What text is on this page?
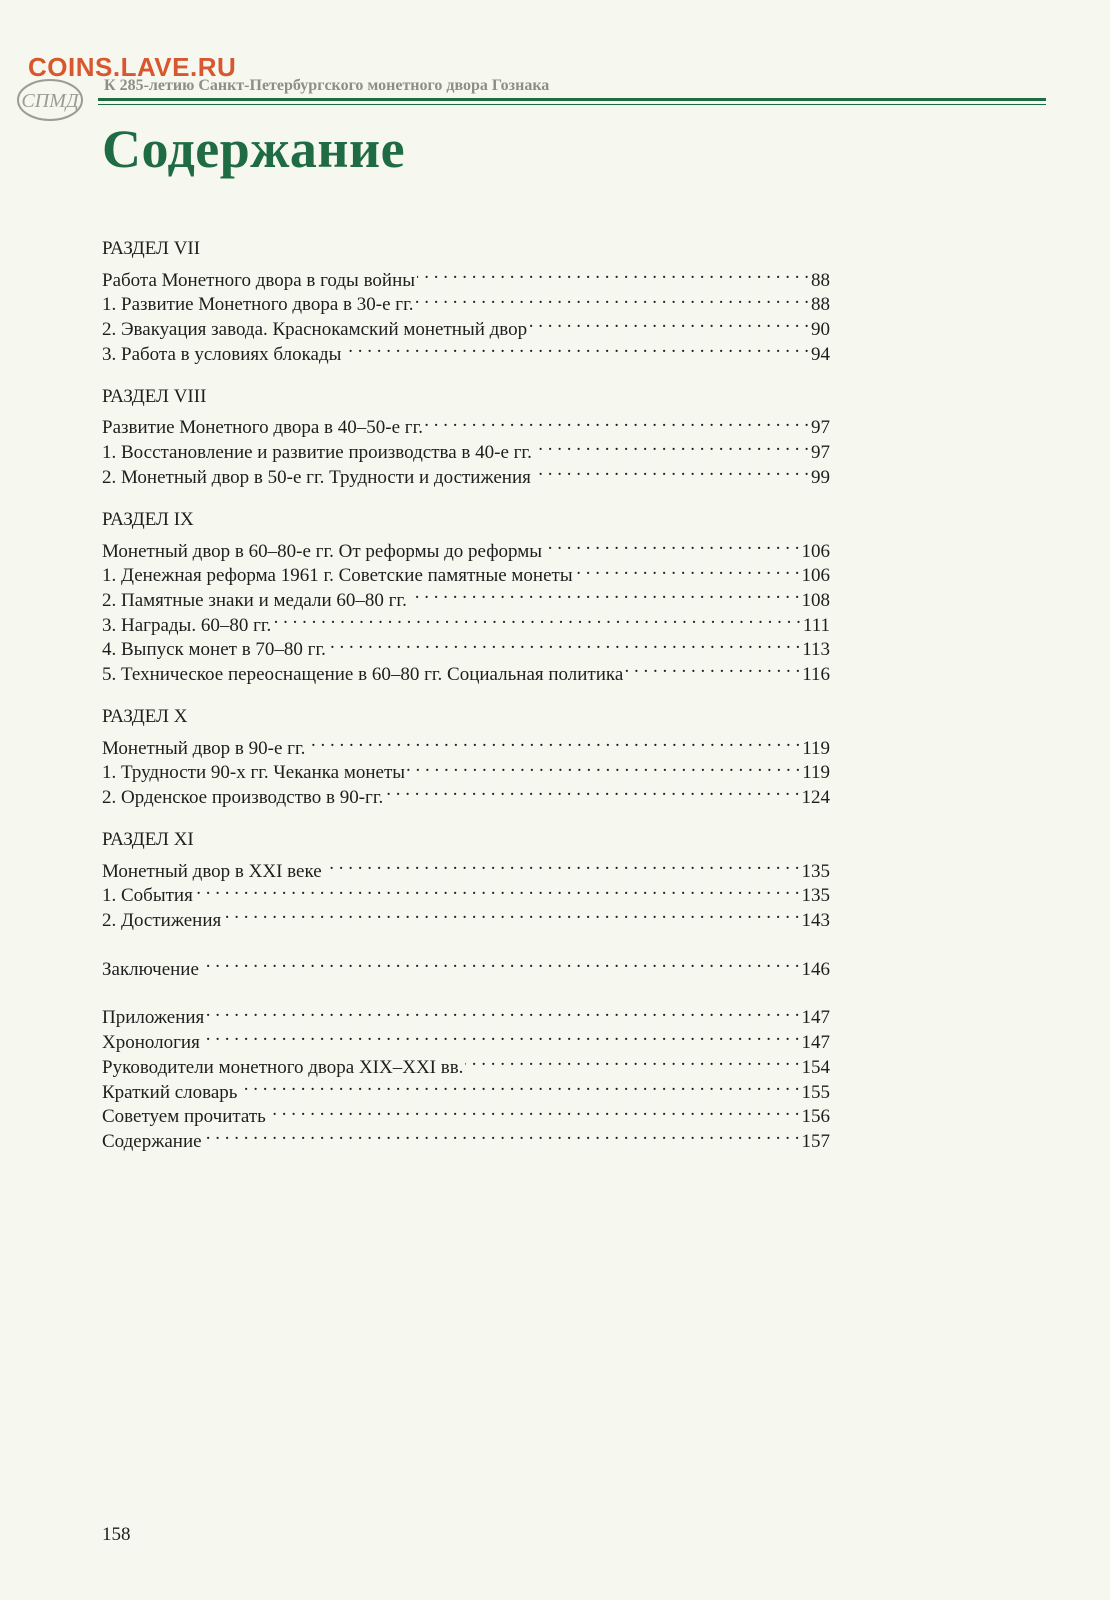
COINS.LAVE.RU
СПМД
К 285-летию Санкт-Петербургского монетного двора Гознака
Содержание
РАЗДЕЛ VII
Работа Монетного двора в годы войны . . .	88
1. Развитие Монетного двора в 30-е гг. . . .	88
2. Эвакуация завода. Краснокамский монетный двор . . .	90
3. Работа в условиях блокады . . .	94
РАЗДЕЛ VIII
Развитие Монетного двора в 40–50-е гг. . . .	97
1. Восстановление и развитие производства в 40-е гг. . . .	97
2. Монетный двор в 50-е гг. Трудности и достижения . . .	99
РАЗДЕЛ IX
Монетный двор в 60–80-е гг. От реформы до реформы . . .	106
1. Денежная реформа 1961 г. Советские памятные монеты . . .	106
2. Памятные знаки и медали 60–80 гг. . . .	108
3. Награды. 60–80 гг. . . .	111
4. Выпуск монет в 70–80 гг. . . .	113
5. Техническое переоснащение в 60–80 гг. Социальная политика . . .	116
РАЗДЕЛ X
Монетный двор в 90-е гг. . . .	119
1. Трудности 90-х гг. Чеканка монеты . . .	119
2. Орденское производство в 90-гг. . . .	124
РАЗДЕЛ XI
Монетный двор в XXI веке . . .	135
1. События . . .	135
2. Достижения . . .	143
Заключение . . .	146
Приложения . . .	147
Хронология . . .	147
Руководители монетного двора XIX–XXI вв. . . .	154
Краткий словарь . . .	155
Советуем прочитать . . .	156
Содержание . . .	157
158
